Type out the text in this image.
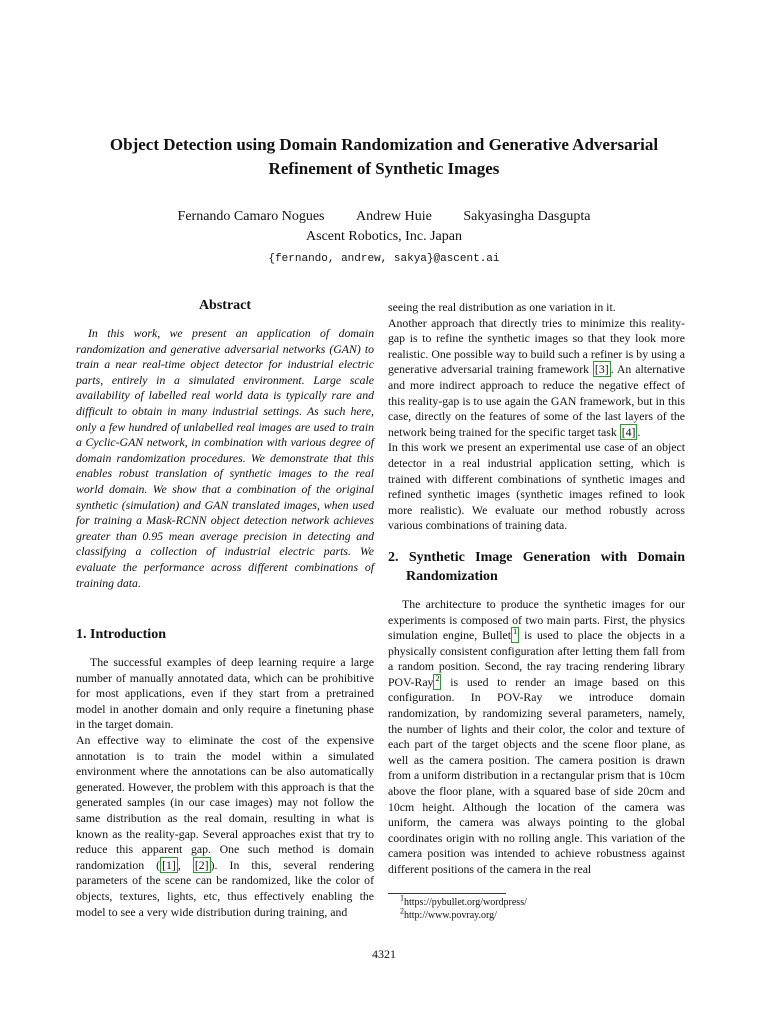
Object Detection using Domain Randomization and Generative Adversarial
Refinement of Synthetic Images
Fernando Camaro Nogues Andrew Huie Sakyasingha Dasgupta
Ascent Robotics, Inc. Japan
{fernando, andrew, sakya}@ascent.ai
Abstract

In this work, we present an application of domain randomization and generative adversarial networks (GAN) to train a near real-time object detector for industrial electric parts, entirely in a simulated environment. Large scale availability of labelled real world data is typically rare and difficult to obtain in many industrial settings. As such here, only a few hundred of unlabelled real images are used to train a Cyclic-GAN network, in combination with various degree of domain randomization procedures. We demonstrate that this enables robust translation of synthetic images to the real world domain. We show that a combination of the original synthetic (simulation) and GAN translated images, when used for training a Mask-RCNN object detection network achieves greater than 0.95 mean average precision in detecting and classifying a collection of industrial electric parts. We evaluate the performance across different combinations of training data.

1. Introduction

The successful examples of deep learning require a large number of manually annotated data, which can be prohibitive for most applications, even if they start from a pretrained model in another domain and only require a finetuning phase in the target domain.

An effective way to eliminate the cost of the expensive annotation is to train the model within a simulated environment where the annotations can be also automatically generated. However, the problem with this approach is that the generated samples (in our case images) may not follow the same distribution as the real domain, resulting in what is known as the reality-gap. Several approaches exist that try to reduce this apparent gap. One such method is domain randomization ( [1] , [2] ). In this, several rendering parameters of the scene can be randomized, like the color of objects, textures, lights, etc, thus effectively enabling the model to see a very wide distribution during training, and

seeing the real distribution as one variation in it.

Another approach that directly tries to minimize this reality-gap is to refine the synthetic images so that they look more realistic. One possible way to build such a refiner is by using a generative adversarial training framework [3] . An alternative and more indirect approach to reduce the negative effect of this reality-gap is to use again the GAN framework, but in this case, directly on the features of some of the last layers of the network being trained for the specific target task [4] .

In this work we present an experimental use case of an object detector in a real industrial application setting, which is trained with different combinations of synthetic images and refined synthetic images (synthetic images refined to look more realistic). We evaluate our method robustly across various combinations of training data.

2. Synthetic Image Generation with Domain Randomization

The architecture to produce the synthetic images for our experiments is composed of two main parts. First, the physics simulation engine, Bullet $^1$ is used to place the objects in a physically consistent configuration after letting them fall from a random position. Second, the ray tracing rendering library POV-Ray $^2$ is used to render an image based on this configuration. In POV-Ray we introduce domain randomization, by randomizing several parameters, namely, the number of lights and their color, the color and texture of each part of the target objects and the scene floor plane, as well as the camera position. The camera position is drawn from a uniform distribution in a rectangular prism that is 10cm above the floor plane, with a squared base of side 20cm and 10cm height. Although the location of the camera was uniform, the camera was always pointing to the global coordinates origin with no rolling angle. This variation of the camera position was intended to achieve robustness against different positions of the camera in the real

$^1$https://pybullet.org/wordpress/
$^2$http://www.povray.org/
4321
